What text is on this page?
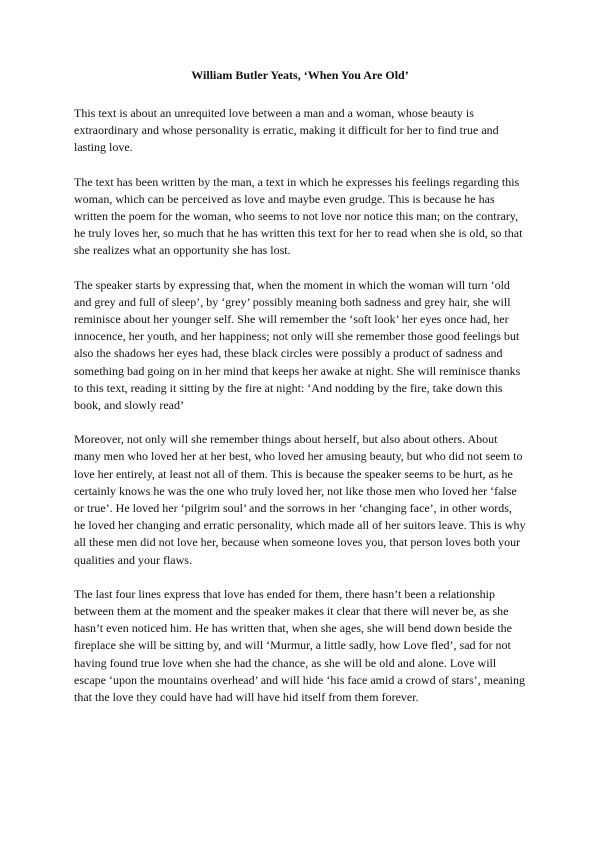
William Butler Yeats, ‘When You Are Old’

This text is about an unrequited love between a man and a woman, whose beauty is extraordinary and whose personality is erratic, making it difficult for her to find true and lasting love.

The text has been written by the man, a text in which he expresses his feelings regarding this woman, which can be perceived as love and maybe even grudge. This is because he has written the poem for the woman, who seems to not love nor notice this man; on the contrary, he truly loves her, so much that he has written this text for her to read when she is old, so that she realizes what an opportunity she has lost.

The speaker starts by expressing that, when the moment in which the woman will turn ‘old and grey and full of sleep’, by ‘grey’ possibly meaning both sadness and grey hair, she will reminisce about her younger self. She will remember the ‘soft look’ her eyes once had, her innocence, her youth, and her happiness; not only will she remember those good feelings but also the shadows her eyes had, these black circles were possibly a product of sadness and something bad going on in her mind that keeps her awake at night. She will reminisce thanks to this text, reading it sitting by the fire at night: ‘And nodding by the fire, take down this book, and slowly read’

Moreover, not only will she remember things about herself, but also about others. About many men who loved her at her best, who loved her amusing beauty, but who did not seem to love her entirely, at least not all of them. This is because the speaker seems to be hurt, as he certainly knows he was the one who truly loved her, not like those men who loved her ‘false or true’. He loved her ‘pilgrim soul’ and the sorrows in her ‘changing face’, in other words, he loved her changing and erratic personality, which made all of her suitors leave. This is why all these men did not love her, because when someone loves you, that person loves both your qualities and your flaws.

The last four lines express that love has ended for them, there hasn’t been a relationship between them at the moment and the speaker makes it clear that there will never be, as she hasn’t even noticed him. He has written that, when she ages, she will bend down beside the fireplace she will be sitting by, and will ‘Murmur, a little sadly, how Love fled’, sad for not having found true love when she had the chance, as she will be old and alone. Love will escape ‘upon the mountains overhead’ and will hide ‘his face amid a crowd of stars’, meaning that the love they could have had will have hid itself from them forever.
